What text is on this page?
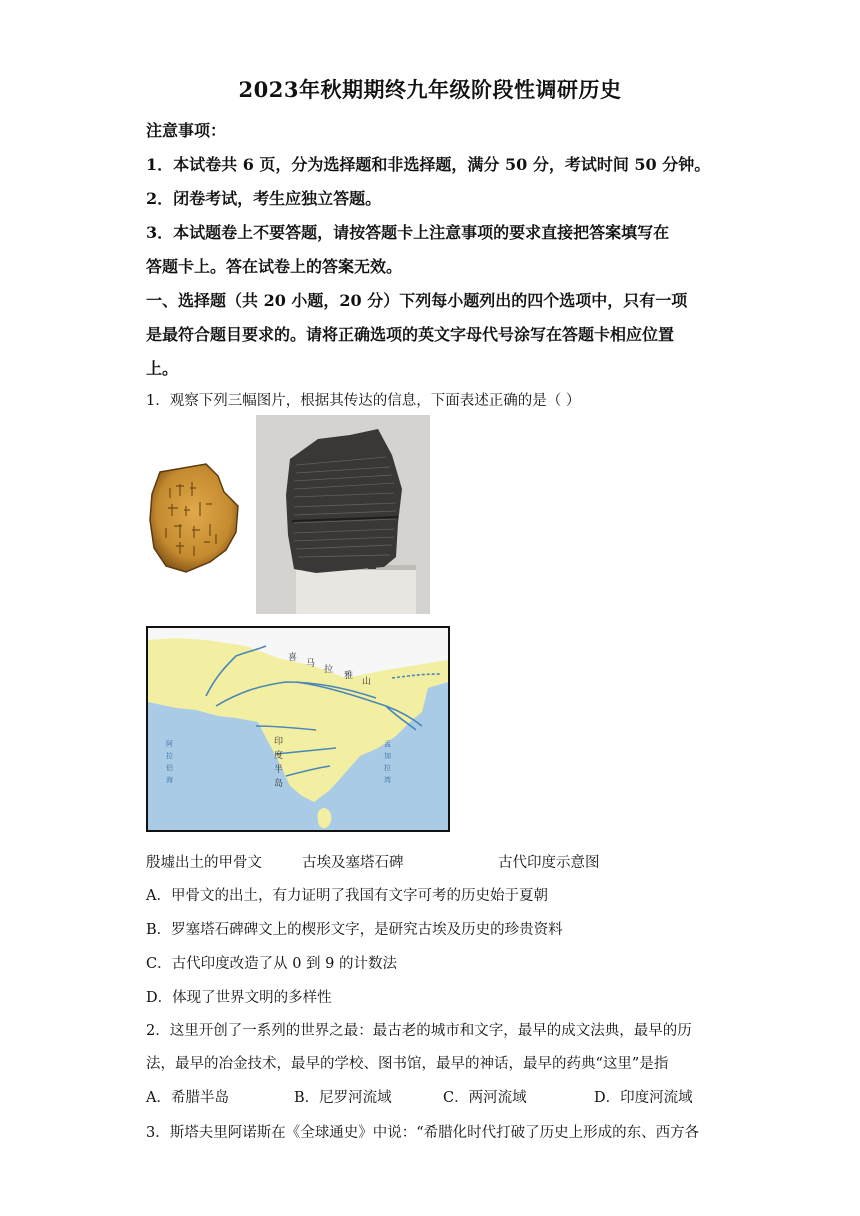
2023年秋期期终九年级阶段性调研历史
注意事项：
1．本试卷共 6 页，分为选择题和非选择题，满分 50 分，考试时间 50 分钟。
2．闭卷考试，考生应独立答题。
3．本试题卷上不要答题，请按答题卡上注意事项的要求直接把答案填写在
答题卡上。答在试卷上的答案无效。
一、选择题（共 20 小题，20 分）下列每小题列出的四个选项中，只有一项
是最符合题目要求的。请将正确选项的英文字母代号涂写在答题卡相应位置
上。
1．观察下列三幅图片，根据其传达的信息，下面表述正确的是（ ）
阿
拉
伯
海
孟
加
拉
湾
喜
马
拉
雅
山
印
度
半
岛
殷墟出土的甲骨文	古埃及塞塔石碑	古代印度示意图
A．甲骨文的出土，有力证明了我国有文字可考的历史始于夏朝
B．罗塞塔石碑碑文上的楔形文字，是研究古埃及历史的珍贵资料
C．古代印度改造了从 0 到 9 的计数法
D．体现了世界文明的多样性
2．这里开创了一系列的世界之最：最古老的城市和文字，最早的成文法典，最早的历
法，最早的冶金技术，最早的学校、图书馆，最早的神话，最早的药典“这里”是指
A．希腊半岛	B．尼罗河流域	C．两河流域	D．印度河流域
3．斯塔夫里阿诺斯在《全球通史》中说：“希腊化时代打破了历史上形成的东、西方各
